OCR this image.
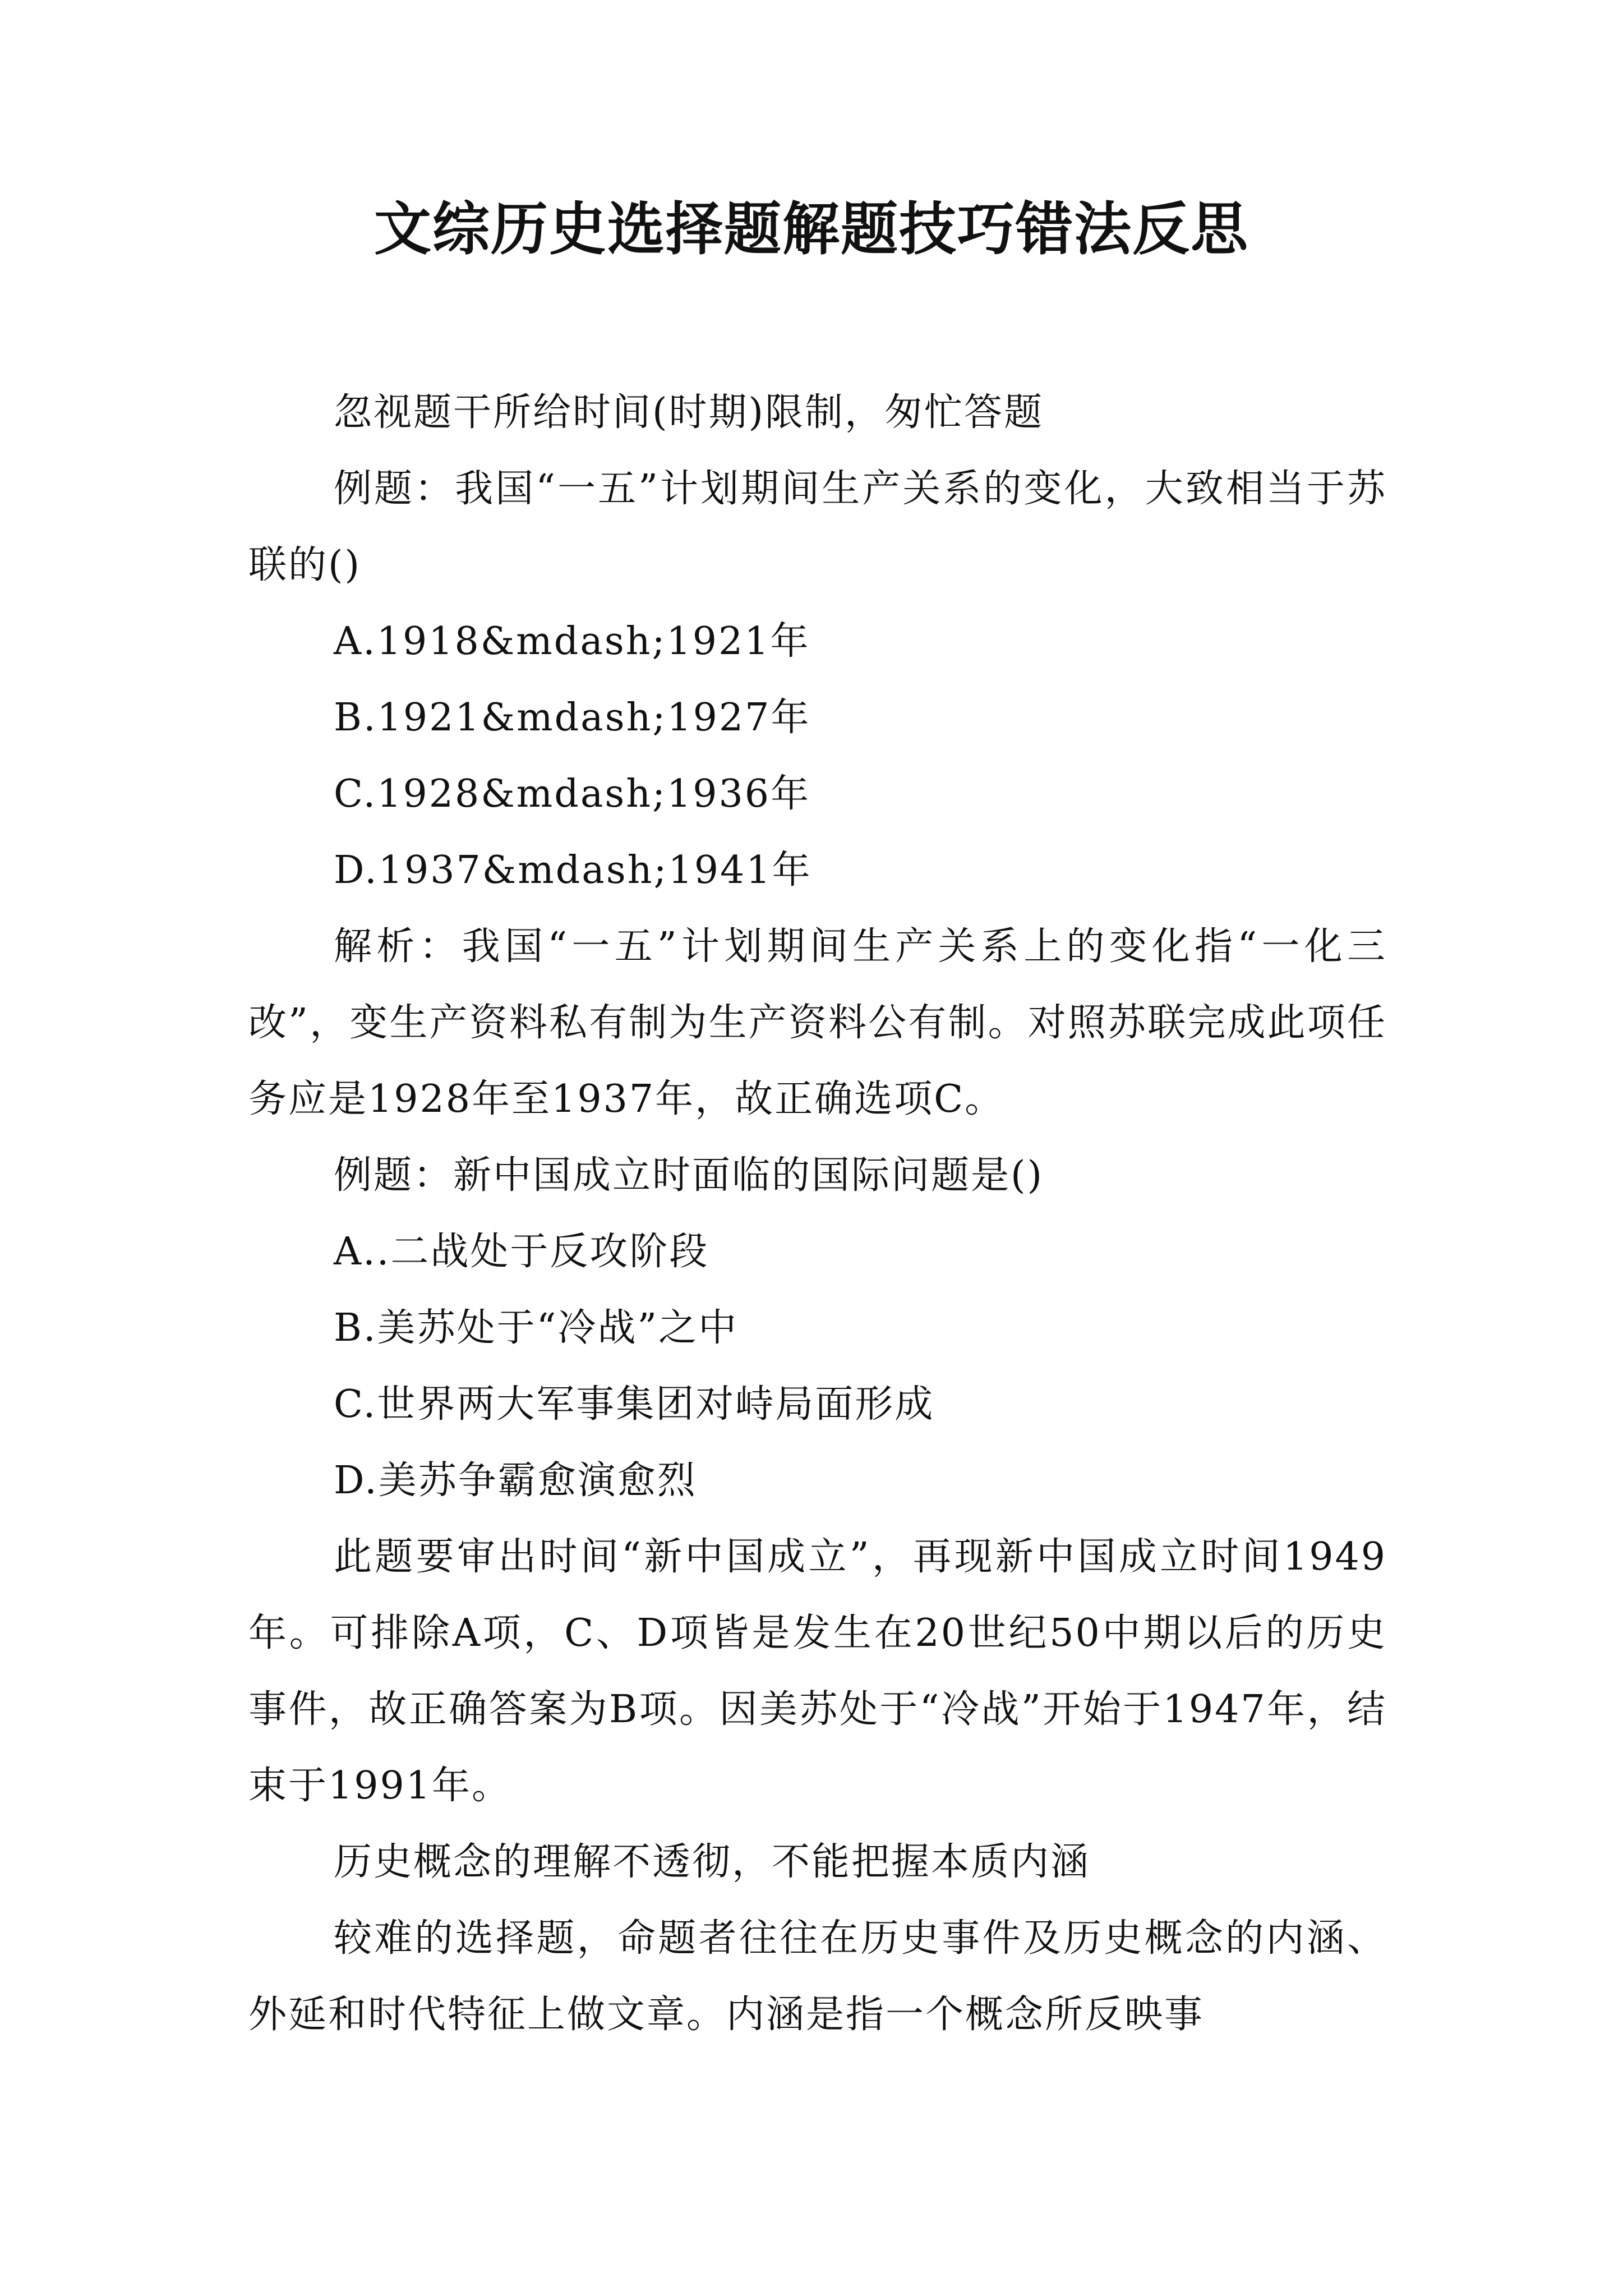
文综历史选择题解题技巧错法反思

忽视题干所给时间(时期)限制，匆忙答题

例题：我国“一五”计划期间生产关系的变化，大致相当于苏联的()

A.1918&mdash;1921年

B.1921&mdash;1927年

C.1928&mdash;1936年

D.1937&mdash;1941年

解析：我国“一五”计划期间生产关系上的变化指“一化三改”，变生产资料私有制为生产资料公有制。对照苏联完成此项任务应是1928年至1937年，故正确选项C。

例题：新中国成立时面临的国际问题是()

A..二战处于反攻阶段

B.美苏处于“冷战”之中

C.世界两大军事集团对峙局面形成

D.美苏争霸愈演愈烈

此题要审出时间“新中国成立”，再现新中国成立时间1949年。可排除A项，C、D项皆是发生在20世纪50中期以后的历史事件，故正确答案为B项。因美苏处于“冷战”开始于1947年，结束于1991年。

历史概念的理解不透彻，不能把握本质内涵

较难的选择题，命题者往往在历史事件及历史概念的内涵、外延和时代特征上做文章。内涵是指一个概念所反映事
